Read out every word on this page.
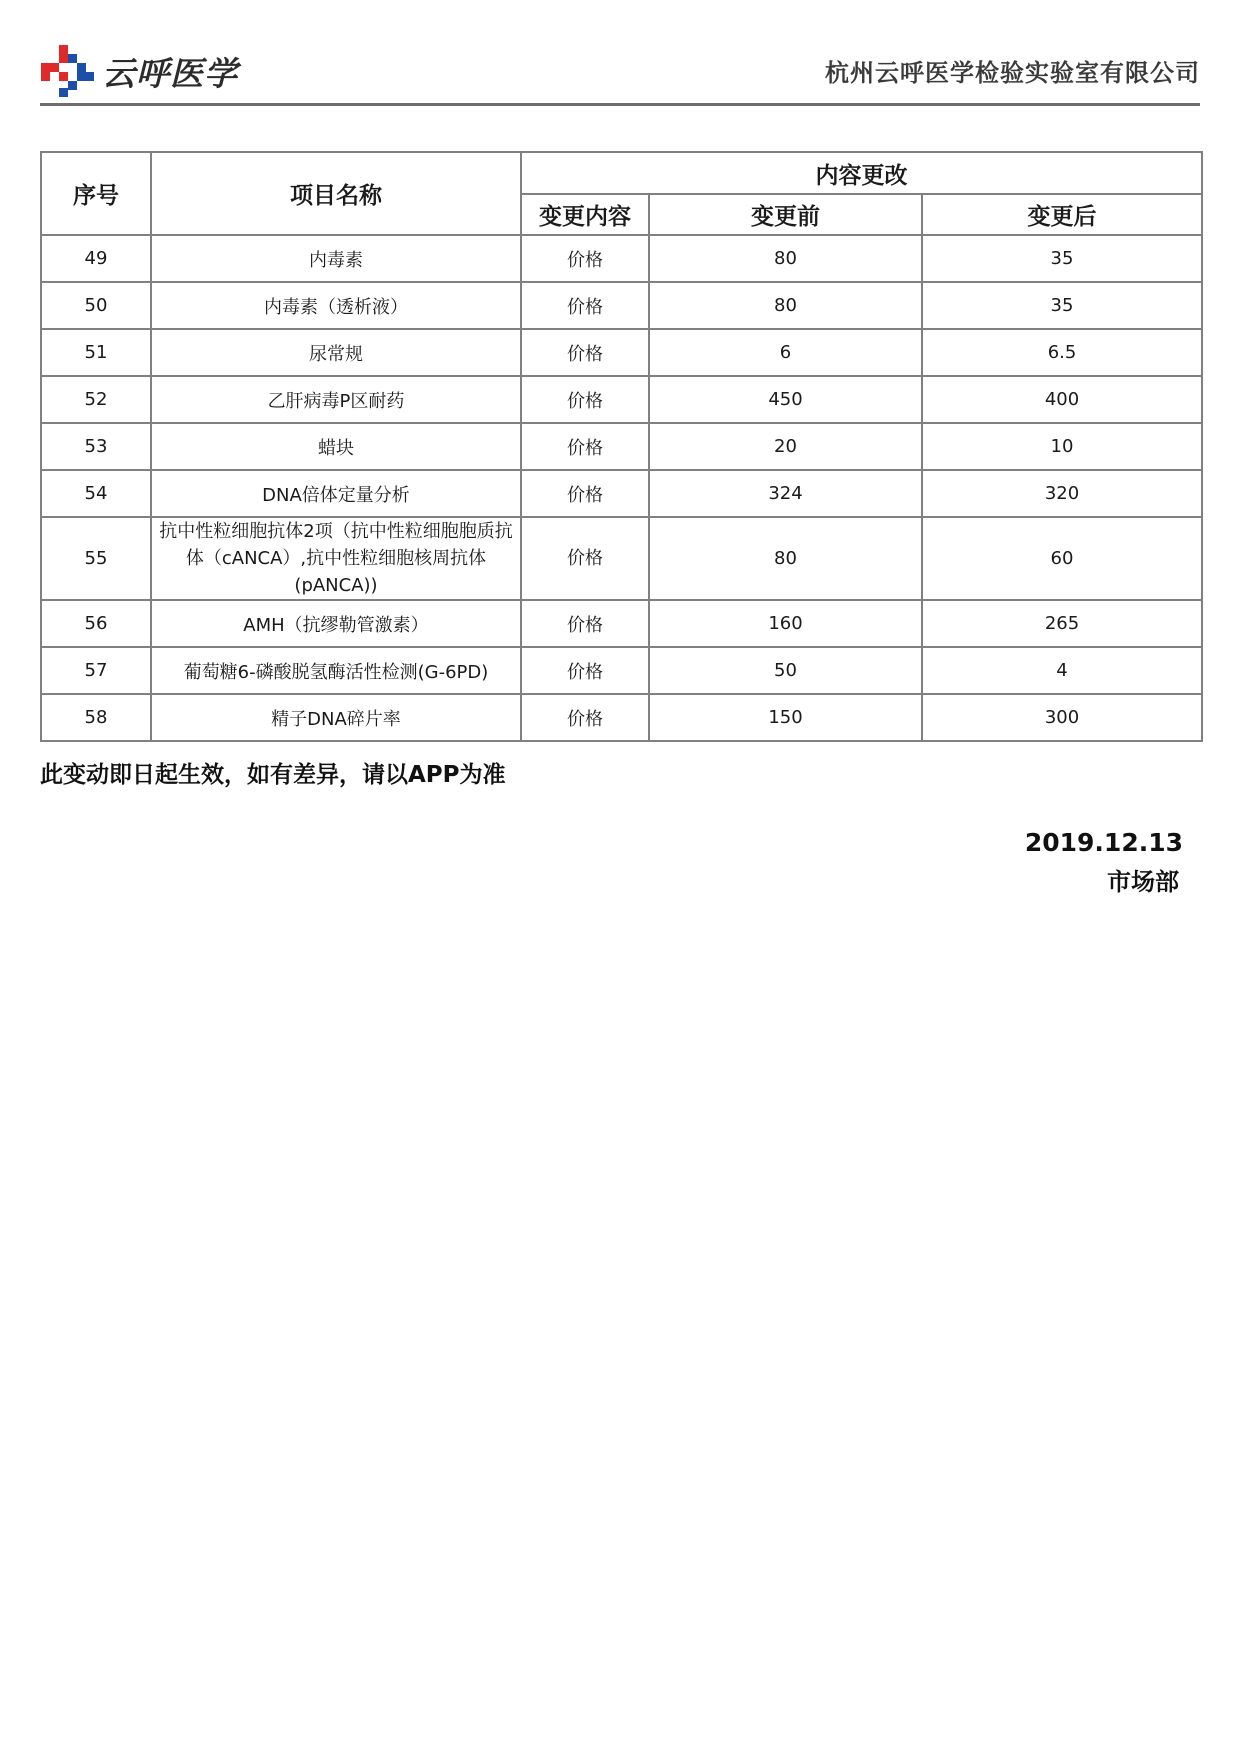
云呼医学	杭州云呼医学检验实验室有限公司
序号	项目名称	内容更改		
		变更内容	变更前	变更后
49	内毒素	价格	80	35
50	内毒素（透析液）	价格	80	35
51	尿常规	价格	6	6.5
52	乙肝病毒P区耐药	价格	450	400
53	蜡块	价格	20	10
54	DNA倍体定量分析	价格	324	320
55	抗中性粒细胞抗体2项（抗中性粒细胞胞质抗体（cANCA）,抗中性粒细胞核周抗体(pANCA))	价格	80	60
56	AMH（抗缪勒管激素）	价格	160	265
57	葡萄糖6-磷酸脱氢酶活性检测(G-6PD)	价格	50	4
58	精子DNA碎片率	价格	150	300
此变动即日起生效，如有差异，请以APP为准
2019.12.13
市场部
